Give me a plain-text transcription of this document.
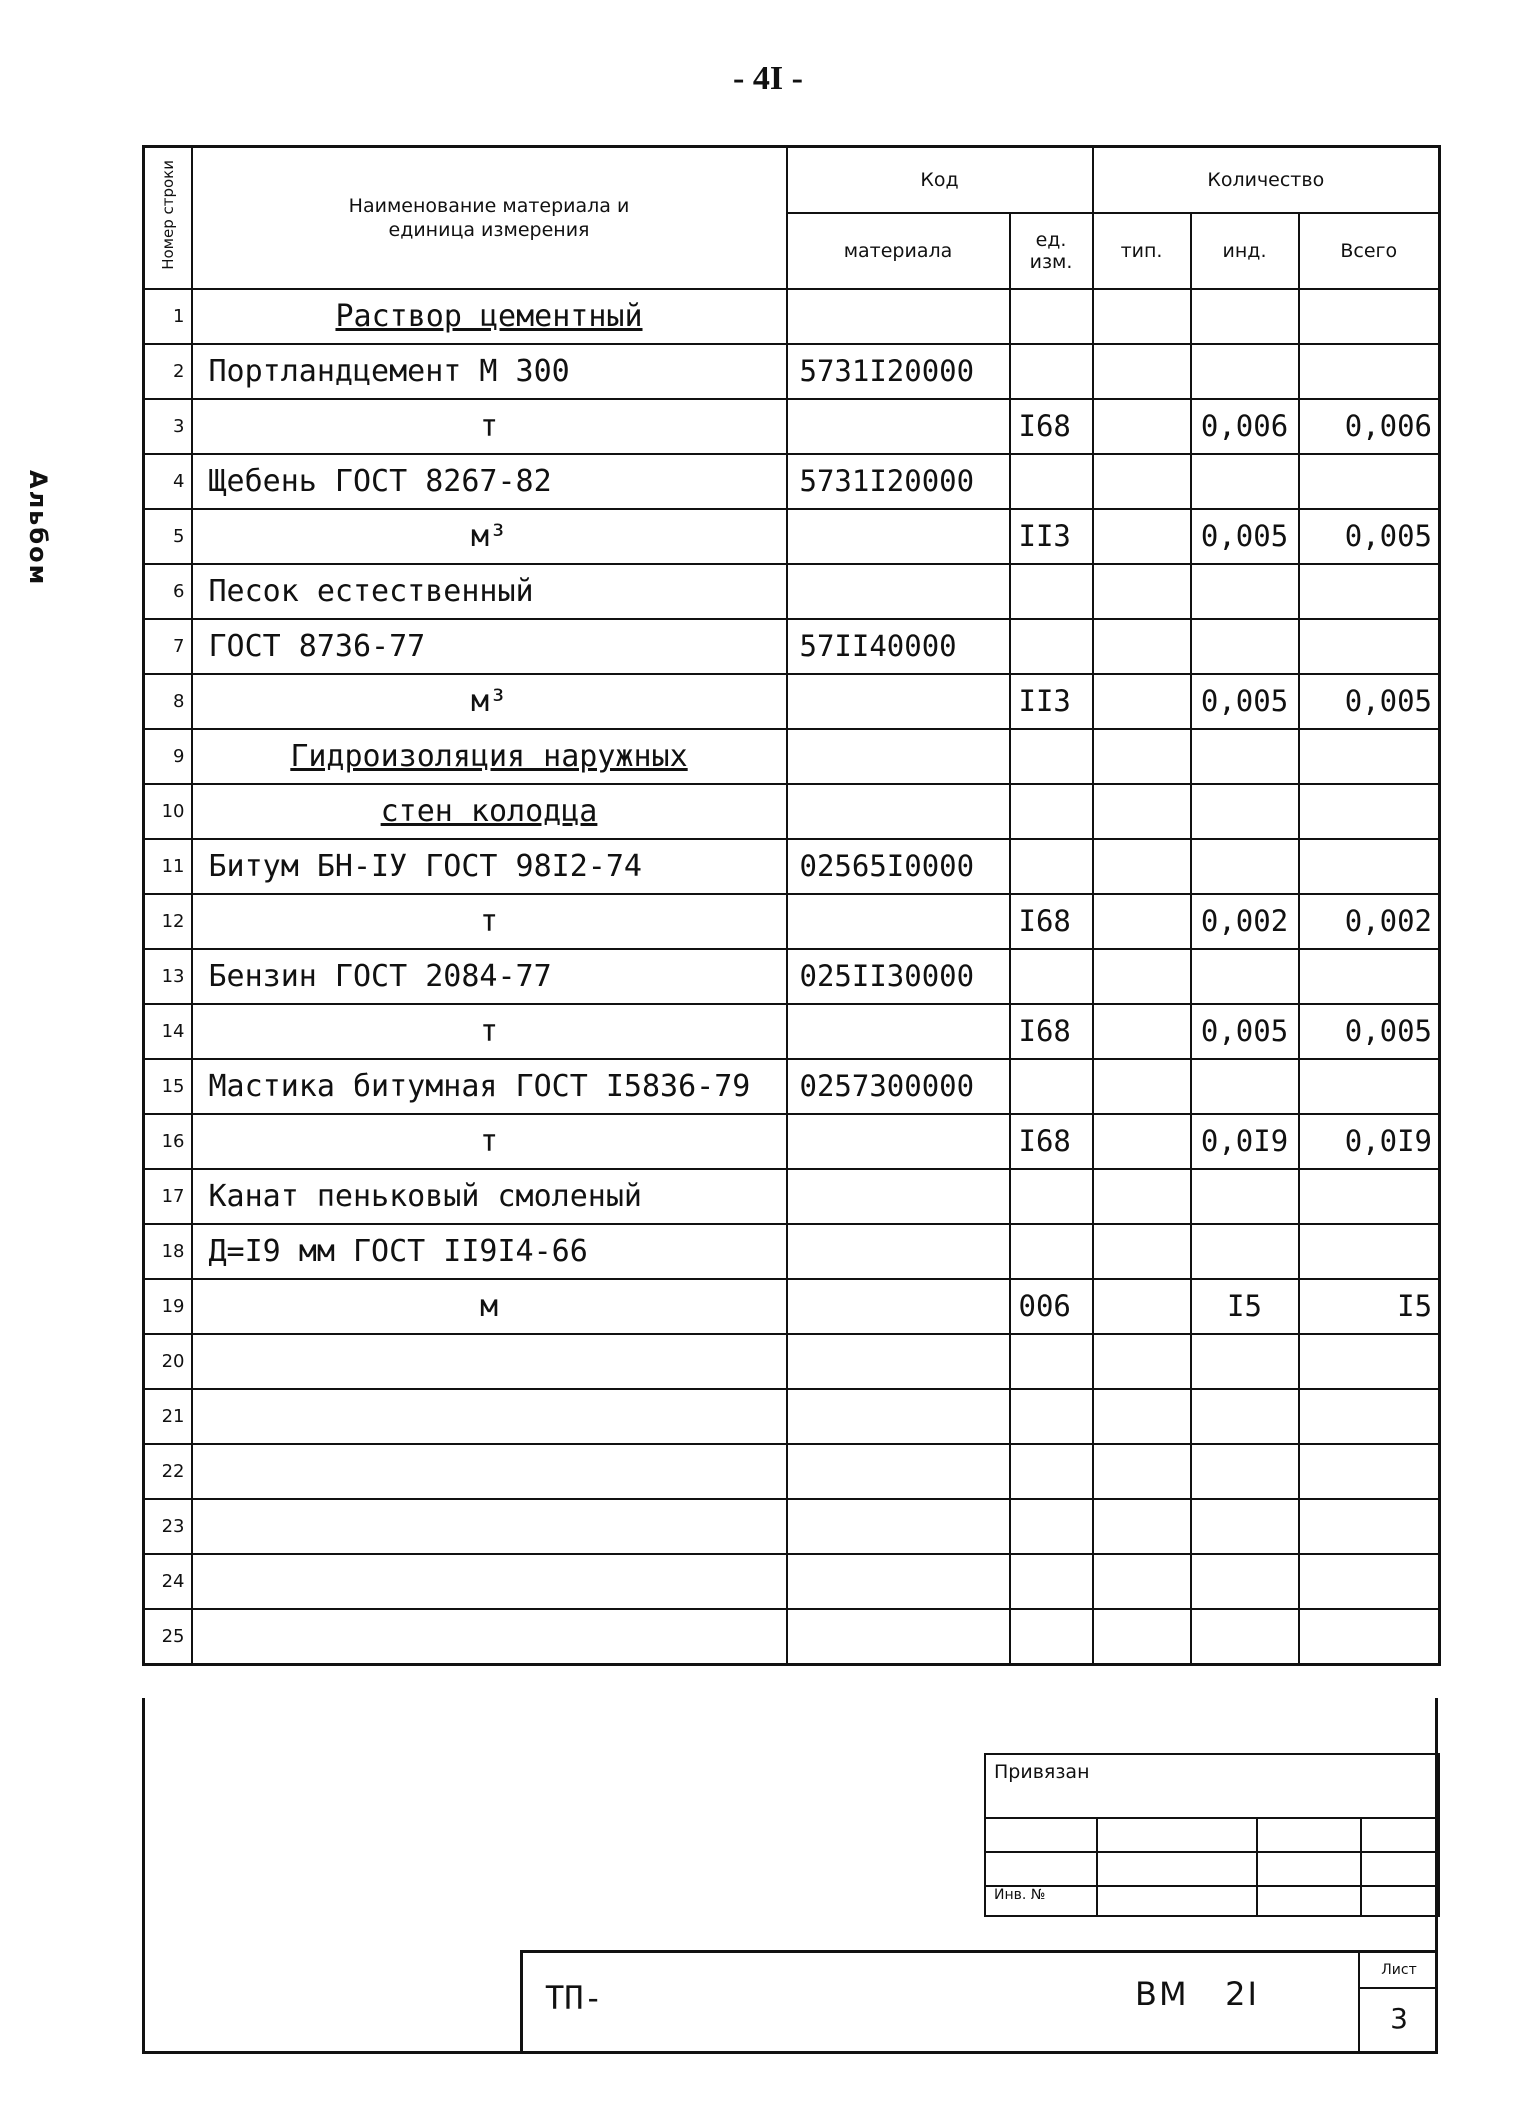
- 4I -
Альбом
Номер строки	Наименование материала и единица измерения	Код		Количество		
		материала	ед. изм.	тип.	инд.	Всего
1	Раствор цементный					
2	Портландцемент М 300	5731I20000				
3	т		I68		0,006	0,006
4	Щебень ГОСТ 8267-82	5731I20000				
5	м³		II3		0,005	0,005
6	Песок естественный					
7	ГОСТ 8736-77	57II40000				
8	м³		II3		0,005	0,005
9	Гидроизоляция наружных					
10	стен колодца					
11	Битум БН-IУ ГОСТ 98I2-74	02565I0000				
12	т		I68		0,002	0,002
13	Бензин ГОСТ 2084-77	025II30000				
14	т		I68		0,005	0,005
15	Мастика битумная ГОСТ I5836-79	0257300000				
16	т		I68		0,0I9	0,0I9
17	Канат пеньковый смоленый					
18	Д=I9 мм ГОСТ II9I4-66					
19	м		006		I5	I5
20						
21						
22						
23						
24						
25						
Привязан			

Инв. №			
ТП-	ВМ   2I
Лист
3
